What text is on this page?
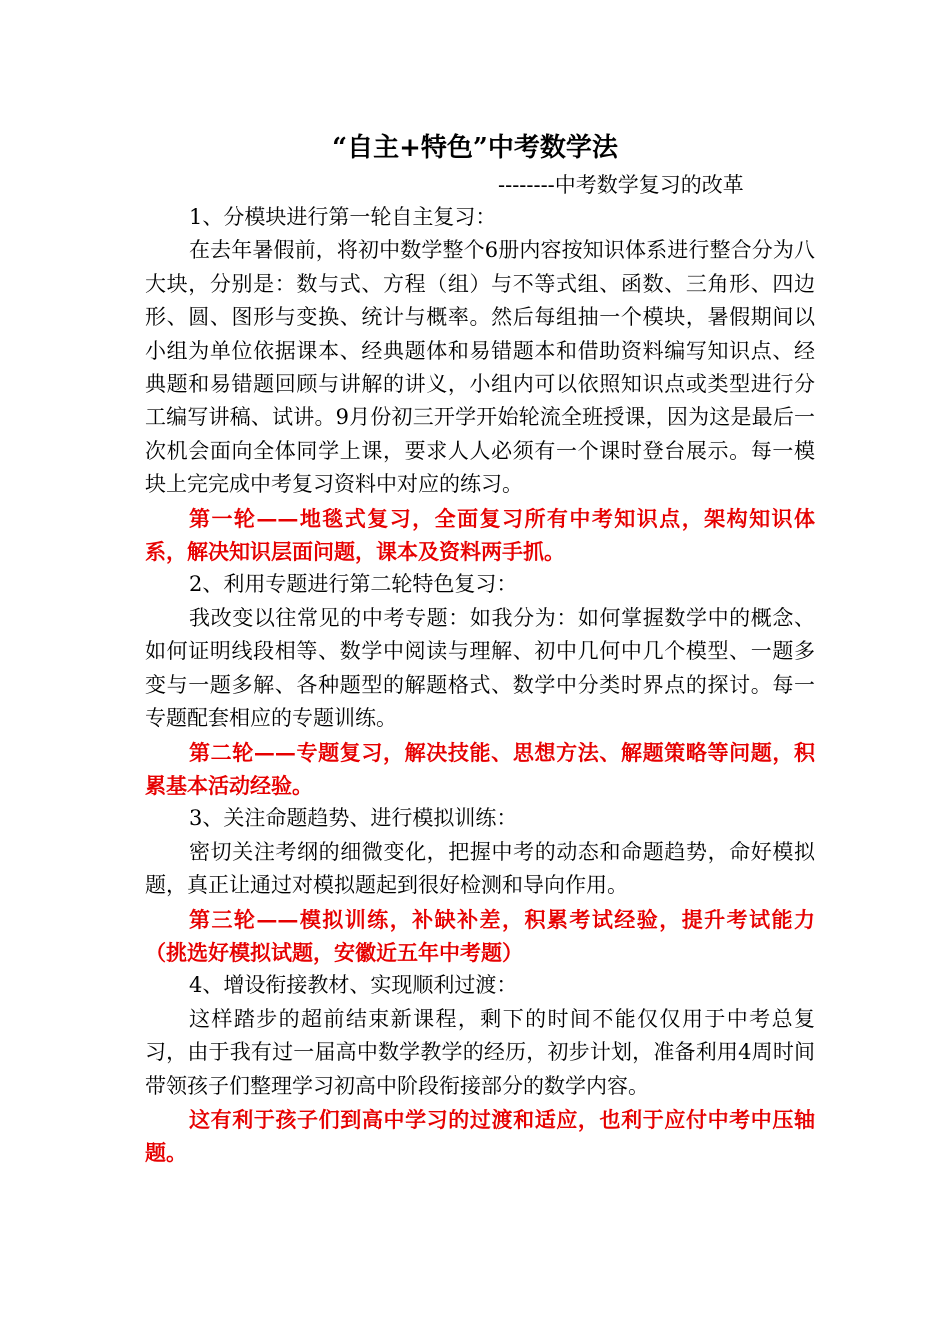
“自主+特色”中考数学法
--------中考数学复习的改革

1、分模块进行第一轮自主复习：

在去年暑假前，将初中数学整个6册内容按知识体系进行整合分为八大块，分别是：数与式、方程（组）与不等式组、函数、三角形、四边形、圆、图形与变换、统计与概率。然后每组抽一个模块，暑假期间以小组为单位依据课本、经典题体和易错题本和借助资料编写知识点、经典题和易错题回顾与讲解的讲义，小组内可以依照知识点或类型进行分工编写讲稿、试讲。9月份初三开学开始轮流全班授课，因为这是最后一次机会面向全体同学上课，要求人人必须有一个课时登台展示。每一模块上完完成中考复习资料中对应的练习。

第一轮——地毯式复习，全面复习所有中考知识点，架构知识体系，解决知识层面问题，课本及资料两手抓。

2、利用专题进行第二轮特色复习：

我改变以往常见的中考专题：如我分为：如何掌握数学中的概念、如何证明线段相等、数学中阅读与理解、初中几何中几个模型、一题多变与一题多解、各种题型的解题格式、数学中分类时界点的探讨。每一专题配套相应的专题训练。

第二轮——专题复习，解决技能、思想方法、解题策略等问题，积累基本活动经验。

3、关注命题趋势、进行模拟训练：

密切关注考纲的细微变化，把握中考的动态和命题趋势，命好模拟题，真正让通过对模拟题起到很好检测和导向作用。

第三轮——模拟训练，补缺补差，积累考试经验，提升考试能力（挑选好模拟试题，安徽近五年中考题）

4、增设衔接教材、实现顺利过渡：

这样踏步的超前结束新课程，剩下的时间不能仅仅用于中考总复习，由于我有过一届高中数学教学的经历，初步计划，准备利用4周时间带领孩子们整理学习初高中阶段衔接部分的数学内容。

这有利于孩子们到高中学习的过渡和适应，也利于应付中考中压轴题。
